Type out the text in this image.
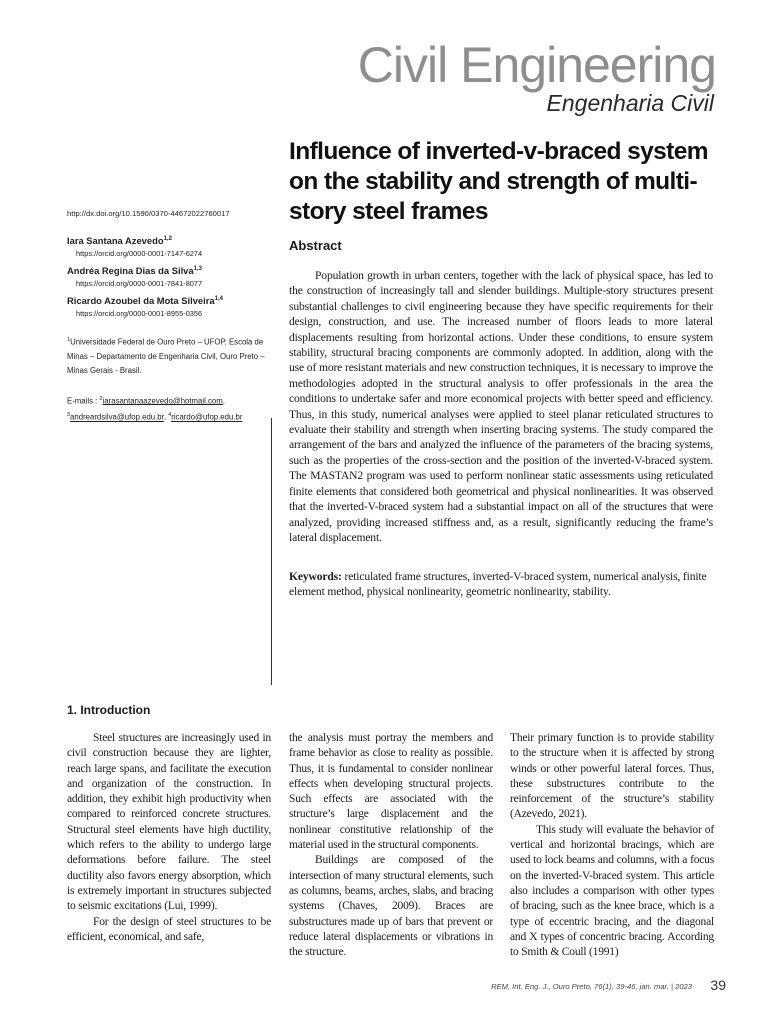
Civil Engineering
Engenharia Civil
Influence of inverted-v-braced system on the stability and strength of multi-story steel frames

http://dx.doi.org/10.1590/0370-44672022760017

Iara Santana Azevedo$^{1,2}$

https://orcid.org/0000-0001-7147-6274

Andréa Regina Dias da Silva$^{1,3}$

https://orcid.org/0000-0001-7841-8077

Ricardo Azoubel da Mota Silveira$^{1,4}$

https://orcid.org/0000-0001-8955-0356

$^1$Universidade Federal de Ouro Preto – UFOP, Escola de Minas – Departamento de Engenharia Civil, Ouro Preto – Minas Gerais - Brasil.

E-mails : $^2$iarasantanaazevedo@hotmail.com,
$^3$andreardsilva@ufop.edu.br, $^4$ricardo@ufop.edu.br

Abstract

Population growth in urban centers, together with the lack of physical space, has led to the construction of increasingly tall and slender buildings. Multiple-story structures present substantial challenges to civil engineering because they have specific requirements for their design, construction, and use. The increased number of floors leads to more lateral displacements resulting from horizontal actions. Under these conditions, to ensure system stability, structural bracing components are commonly adopted. In addition, along with the use of more resistant materials and new construction techniques, it is necessary to improve the methodologies adopted in the structural analysis to offer professionals in the area the conditions to undertake safer and more economical projects with better speed and efficiency. Thus, in this study, numerical analyses were applied to steel planar reticulated structures to evaluate their stability and strength when inserting bracing systems. The study compared the arrangement of the bars and analyzed the influence of the parameters of the bracing systems, such as the properties of the cross-section and the position of the inverted-V-braced system. The MASTAN2 program was used to perform nonlinear static assessments using reticulated finite elements that considered both geometrical and physical nonlinearities. It was observed that the inverted-V-braced system had a substantial impact on all of the structures that were analyzed, providing increased stiffness and, as a result, significantly reducing the frame’s lateral displacement.

Keywords: reticulated frame structures, inverted-V-braced system, numerical analysis, finite element method, physical nonlinearity, geometric nonlinearity, stability.

1. Introduction

Steel structures are increasingly used in civil construction because they are lighter, reach large spans, and facilitate the execution and organization of the construction. In addition, they exhibit high productivity when compared to reinforced concrete structures. Structural steel elements have high ductility, which refers to the ability to undergo large deformations before failure. The steel ductility also favors energy absorption, which is extremely important in structures subjected to seismic excitations (Lui, 1999).

For the design of steel structures to be efficient, economical, and safe,

the analysis must portray the members and frame behavior as close to reality as possible. Thus, it is fundamental to consider nonlinear effects when developing structural projects. Such effects are associated with the structure’s large displacement and the nonlinear constitutive relationship of the material used in the structural components.

Buildings are composed of the intersection of many structural elements, such as columns, beams, arches, slabs, and bracing systems (Chaves, 2009). Braces are substructures made up of bars that prevent or reduce lateral displacements or vibrations in the structure.

Their primary function is to provide stability to the structure when it is affected by strong winds or other powerful lateral forces. Thus, these substructures contribute to the reinforcement of the structure’s stability (Azevedo, 2021).

This study will evaluate the behavior of vertical and horizontal bracings, which are used to lock beams and columns, with a focus on the inverted-V-braced system. This article also includes a comparison with other types of bracing, such as the knee brace, which is a type of eccentric bracing, and the diagonal and X types of concentric bracing. According to Smith & Coull (1991)

REM, Int. Eng. J., Ouro Preto, 76(1), 39-46, jan. mar. | 2023 39
